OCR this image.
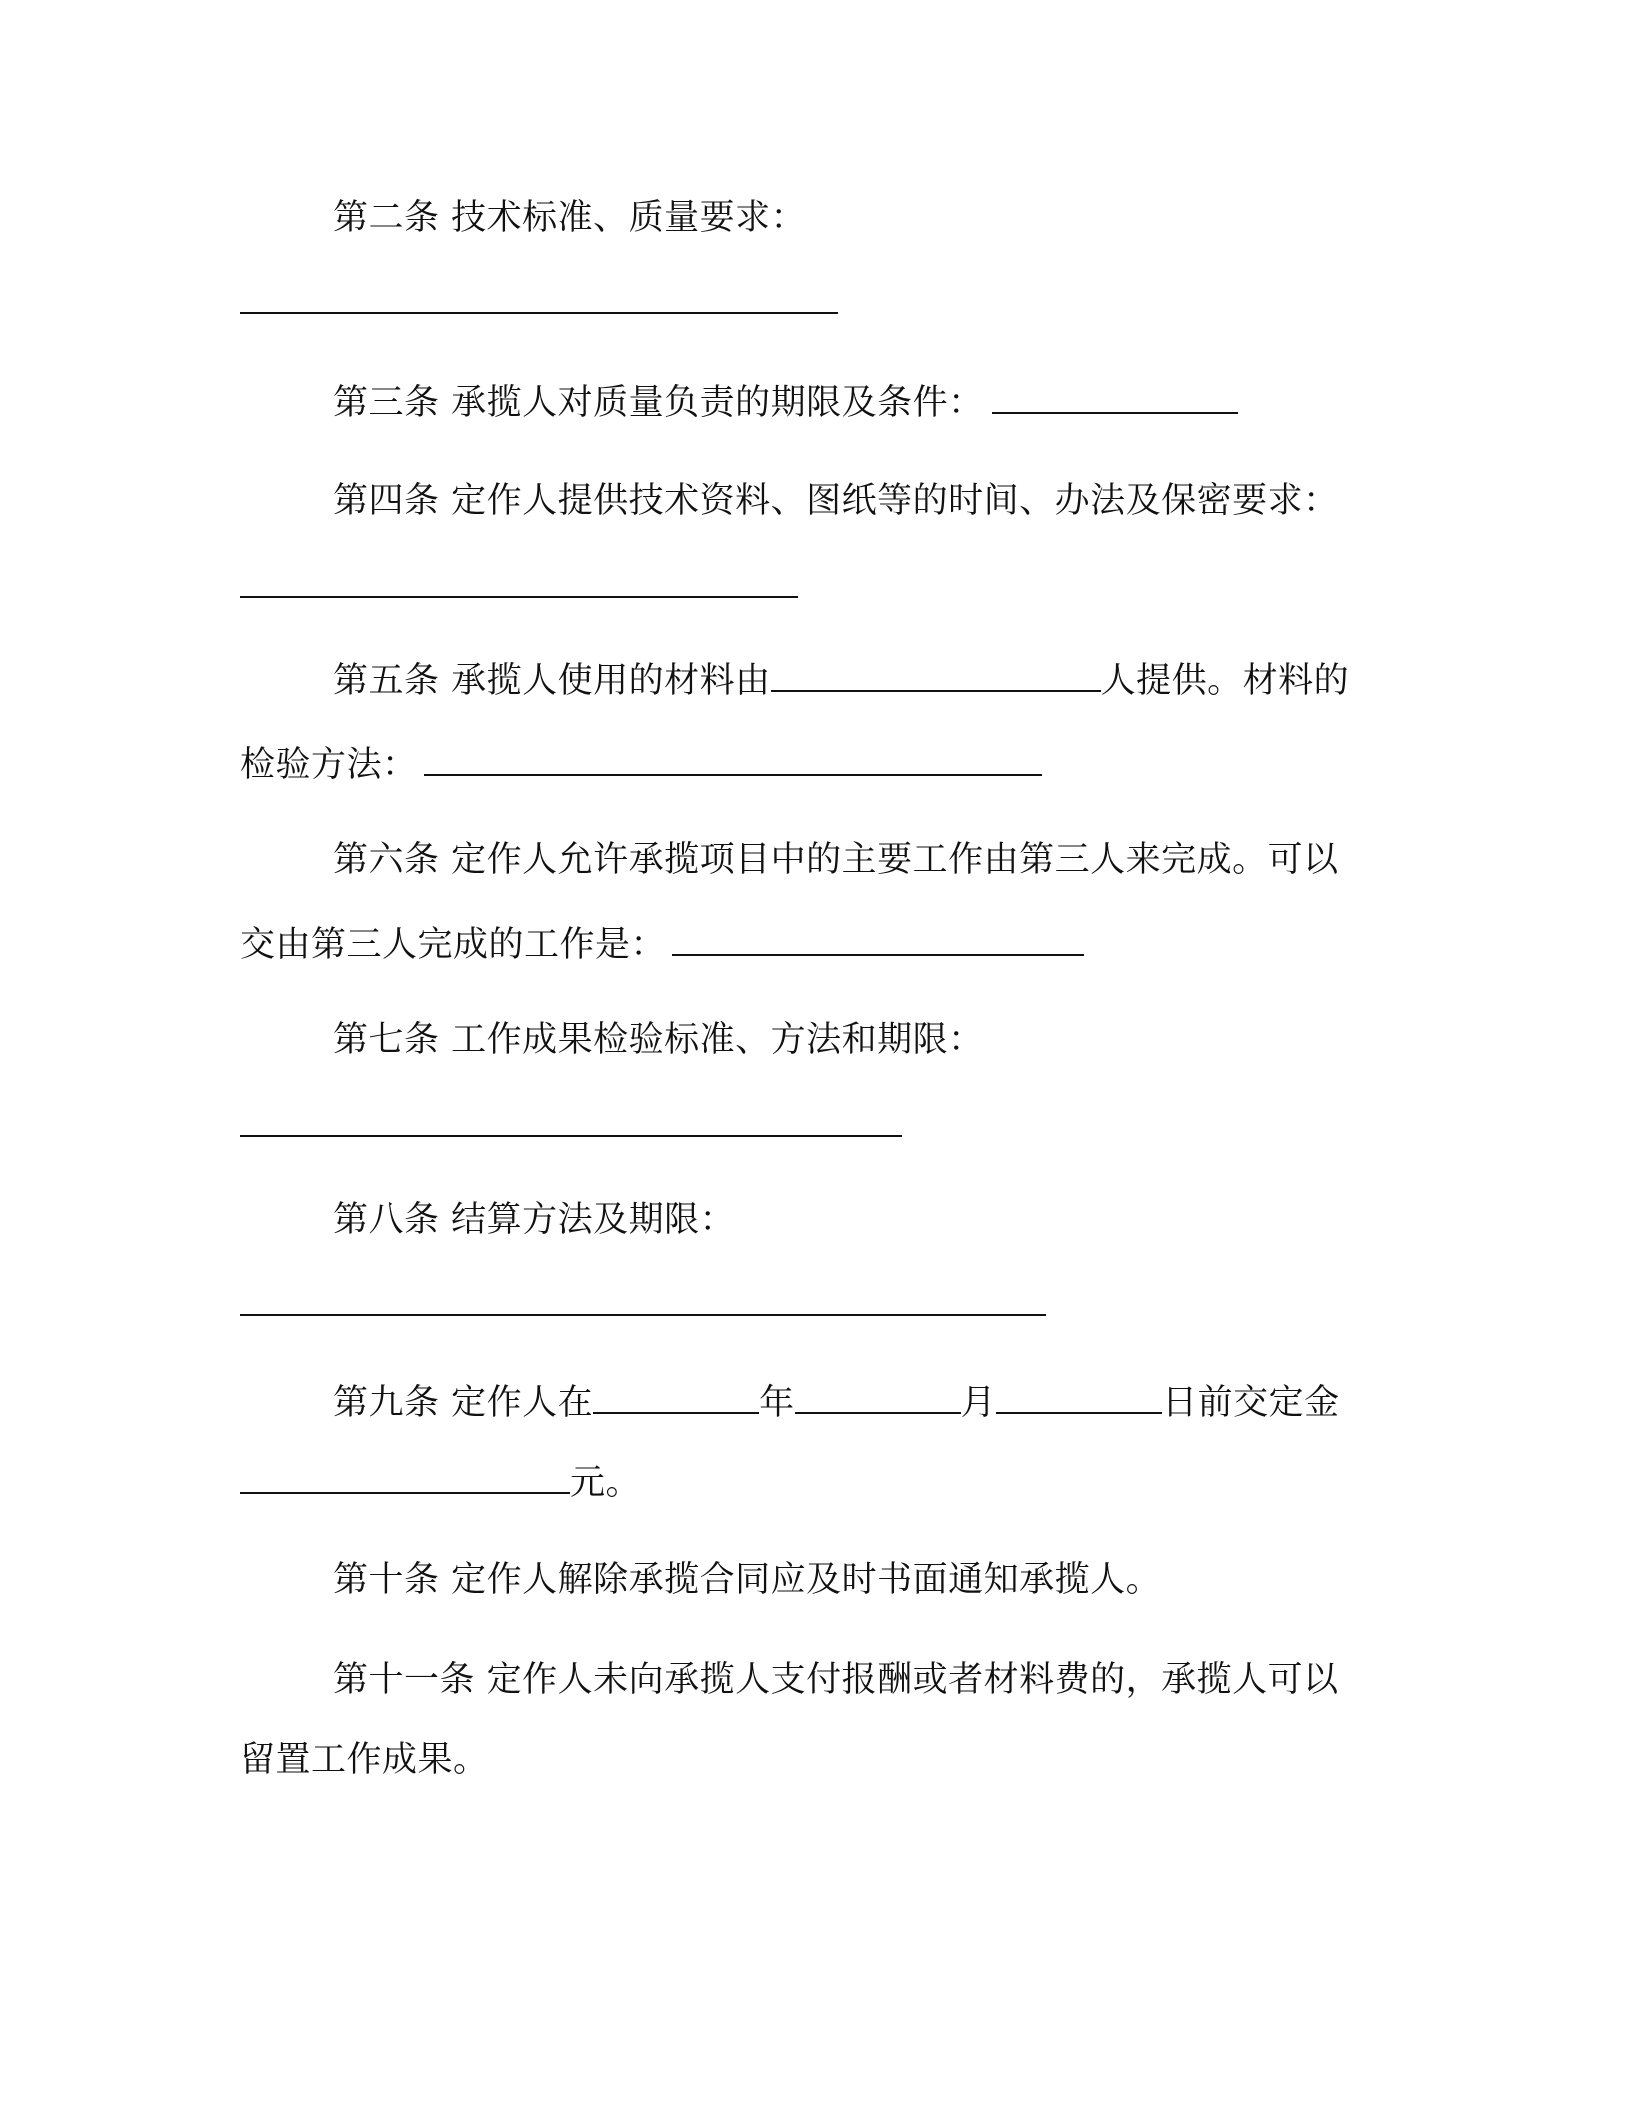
第二条 技术标准、质量要求：
第三条 承揽人对质量负责的期限及条件：
第四条 定作人提供技术资料、图纸等的时间、办法及保密要求：
第五条 承揽人使用的材料由	人提供。材料的
检验方法：
第六条 定作人允许承揽项目中的主要工作由第三人来完成。可以
交由第三人完成的工作是：
第七条 工作成果检验标准、方法和期限：
第八条 结算方法及期限：
第九条 定作人在	年	月	日前交定金
元。
第十条 定作人解除承揽合同应及时书面通知承揽人。
第十一条 定作人未向承揽人支付报酬或者材料费的，承揽人可以
留置工作成果。
